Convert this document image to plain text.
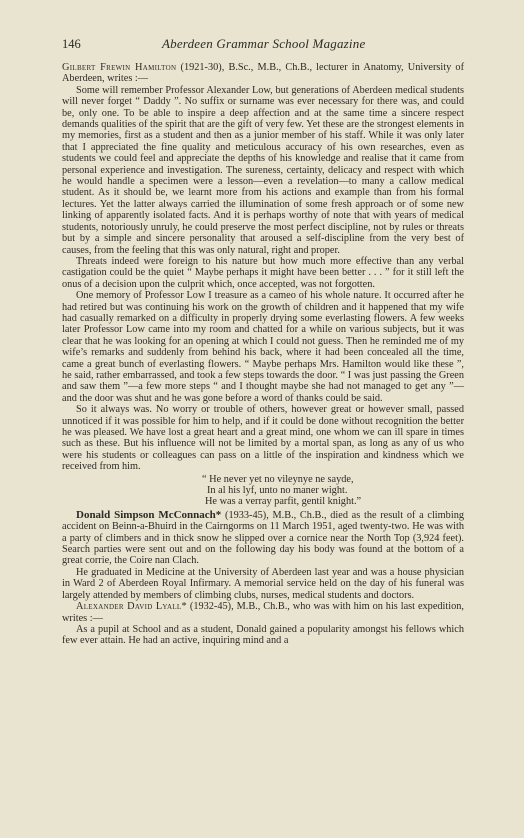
146	Aberdeen Grammar School Magazine

Gilbert Frewin Hamilton (1921-30), B.Sc., M.B., Ch.B., lecturer in Anatomy, University of Aberdeen, writes :—

Some will remember Professor Alexander Low, but generations of Aberdeen medical students will never forget “ Daddy ”. No suffix or surname was ever necessary for there was, and could be, only one. To be able to inspire a deep affection and at the same time a sincere respect demands qualities of the spirit that are the gift of very few. Yet these are the strongest elements in my memories, first as a student and then as a junior member of his staff. While it was only later that I appreciated the fine quality and meticulous accuracy of his own researches, even as students we could feel and appreciate the depths of his knowledge and realise that it came from personal experience and investigation. The sureness, certainty, delicacy and respect with which he would handle a specimen were a lesson—even a revelation—to many a callow medical student. As it should be, we learnt more from his actions and example than from his formal lectures. Yet the latter always carried the illumination of some fresh approach or of some new linking of apparently isolated facts. And it is perhaps worthy of note that with years of medical students, notoriously unruly, he could preserve the most perfect discipline, not by rules or threats but by a simple and sincere personality that aroused a self-discipline from the very best of causes, from the feeling that this was only natural, right and proper.

Threats indeed were foreign to his nature but how much more effective than any verbal castigation could be the quiet “ Maybe perhaps it might have been better . . . ” for it still left the onus of a decision upon the culprit which, once accepted, was not forgotten.

One memory of Professor Low I treasure as a cameo of his whole nature. It occurred after he had retired but was continuing his work on the growth of children and it happened that my wife had casually remarked on a difficulty in properly drying some everlasting flowers. A few weeks later Professor Low came into my room and chatted for a while on various subjects, but it was clear that he was looking for an opening at which I could not guess. Then he reminded me of my wife’s remarks and suddenly from behind his back, where it had been concealed all the time, came a great bunch of everlasting flowers. “ Maybe perhaps Mrs. Hamilton would like these ”, he said, rather embarrassed, and took a few steps towards the door. “ I was just passing the Green and saw them ”—a few more steps “ and I thought maybe she had not managed to get any ”—and the door was shut and he was gone before a word of thanks could be said.

So it always was. No worry or trouble of others, however great or however small, passed unnoticed if it was possible for him to help, and if it could be done without recognition the better he was pleased. We have lost a great heart and a great mind, one whom we can ill spare in times such as these. But his influence will not be limited by a mortal span, as long as any of us who were his students or colleagues can pass on a little of the inspiration and kindness which we received from him.

“ He never yet no vileynye ne sayde,
In al his lyf, unto no maner wight.
He was a verray parfit, gentil knight.”

Donald Simpson McConnach* (1933-45), M.B., Ch.B., died as the result of a climbing accident on Beinn-a-Bhuird in the Cairngorms on 11 March 1951, aged twenty-two. He was with a party of climbers and in thick snow he slipped over a cornice near the North Top (3,924 feet). Search parties were sent out and on the following day his body was found at the bottom of a great corrie, the Coire nan Clach.

He graduated in Medicine at the University of Aberdeen last year and was a house physician in Ward 2 of Aberdeen Royal Infirmary. A memorial service held on the day of his funeral was largely attended by members of climbing clubs, nurses, medical students and doctors.

Alexander David Lyall* (1932-45), M.B., Ch.B., who was with him on his last expedition, writes :—

As a pupil at School and as a student, Donald gained a popularity amongst his fellows which few ever attain. He had an active, inquiring mind and a
